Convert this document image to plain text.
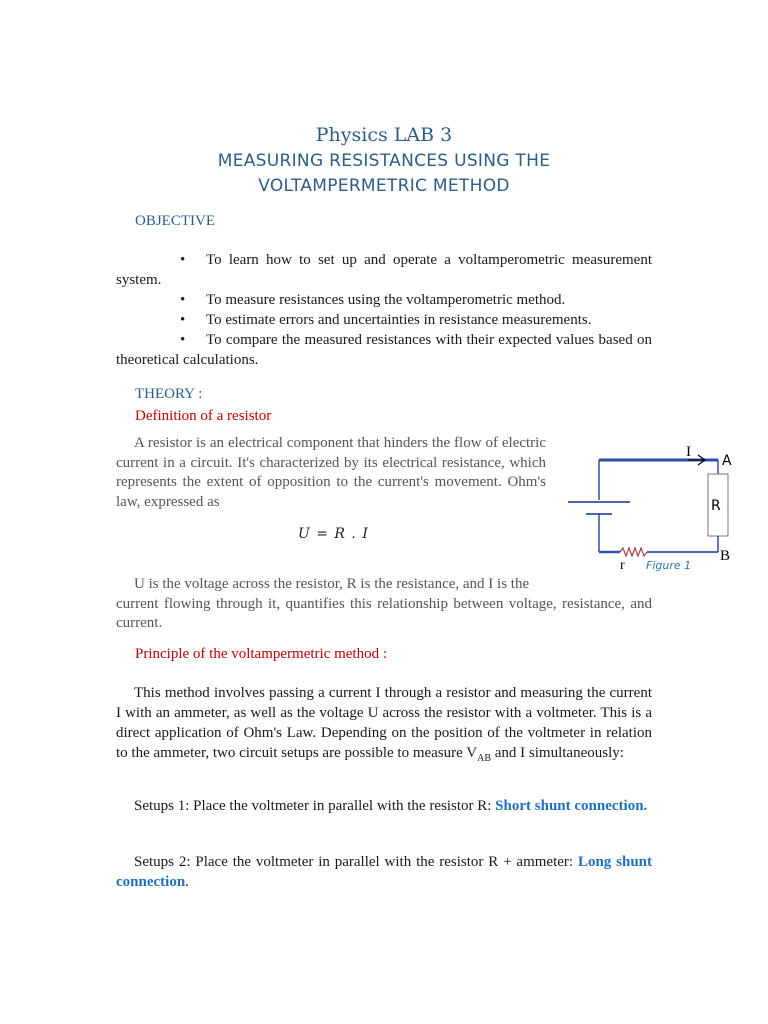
Physics LAB 3
MEASURING RESISTANCES USING THE
VOLTAMPERMETRIC METHOD
OBJECTIVE
• To learn how to set up and operate a voltamperometric measurement system.
• To measure resistances using the voltamperometric method.
• To estimate errors and uncertainties in resistance measurements.
• To compare the measured resistances with their expected values based on theoretical calculations.
THEORY :
Definition of a resistor
A resistor is an electrical component that hinders the flow of electric current in a circuit. It's characterized by its electrical resistance, which represents the extent of opposition to the current's movement. Ohm's law, expressed as
U = R . I
U is the voltage across the resistor, R is the resistance, and I is the
current flowing through it, quantifies this relationship between voltage, resistance, and current.
I
A
R
B
r Figure 1
Principle of the voltampermetric method :
This method involves passing a current I through a resistor and measuring the current I with an ammeter, as well as the voltage U across the resistor with a voltmeter. This is a direct application of Ohm's Law. Depending on the position of the voltmeter in relation to the ammeter, two circuit setups are possible to measure $V_{AB}$ and I simultaneously:
Setups 1: Place the voltmeter in parallel with the resistor R: Short shunt connection.
Setups 2: Place the voltmeter in parallel with the resistor R + ammeter: Long shunt connection.
